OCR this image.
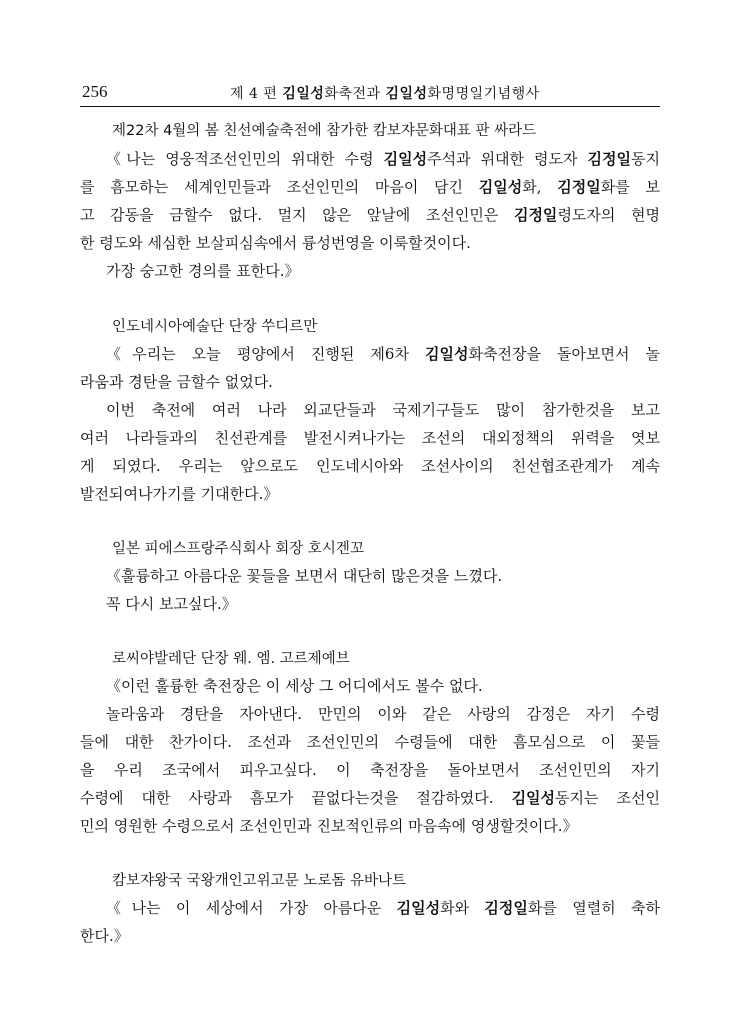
256	제 4 편 김일성화축전과 김일성화명명일기념행사
제22차 4월의 봄 친선예술축전에 참가한 캄보쟈문화대표 판 싸라드
《나는 영웅적조선인민의 위대한 수령 김일성주석과 위대한 령도자 김정일동지
를 흠모하는 세계인민들과 조선인민의 마음이 담긴 김일성화, 김정일화를 보
고 감동을 금할수 없다. 멀지 않은 앞날에 조선인민은 김정일령도자의 현명
한 령도와 세심한 보살피심속에서 륭성번영을 이룩할것이다.
가장 숭고한 경의를 표한다.》
인도네시아예술단 단장 쑤디르만
《우리는 오늘 평양에서 진행된 제6차 김일성화축전장을 돌아보면서 놀
라움과 경탄을 금할수 없었다.
이번 축전에 여러 나라 외교단들과 국제기구들도 많이 참가한것을 보고
여러 나라들과의 친선관계를 발전시켜나가는 조선의 대외정책의 위력을 엿보
게 되였다. 우리는 앞으로도 인도네시아와 조선사이의 친선협조관계가 계속
발전되여나가기를 기대한다.》
일본 피에스프랑주식회사 회장 호시겐꼬
《훌륭하고 아름다운 꽃들을 보면서 대단히 많은것을 느꼈다.
꼭 다시 보고싶다.》
로씨야발레단 단장 웨. 엠. 고르제예브
《이런 훌륭한 축전장은 이 세상 그 어디에서도 볼수 없다.
놀라움과 경탄을 자아낸다. 만민의 이와 같은 사랑의 감정은 자기 수령
들에 대한 찬가이다. 조선과 조선인민의 수령들에 대한 흠모심으로 이 꽃들
을 우리 조국에서 피우고싶다. 이 축전장을 돌아보면서 조선인민의 자기
수령에 대한 사랑과 흠모가 끝없다는것을 절감하였다. 김일성동지는 조선인
민의 영원한 수령으로서 조선인민과 진보적인류의 마음속에 영생할것이다.》
캄보쟈왕국 국왕개인고위고문 노로돔 유바나트
《나는 이 세상에서 가장 아름다운 김일성화와 김정일화를 열렬히 축하
한다.》
